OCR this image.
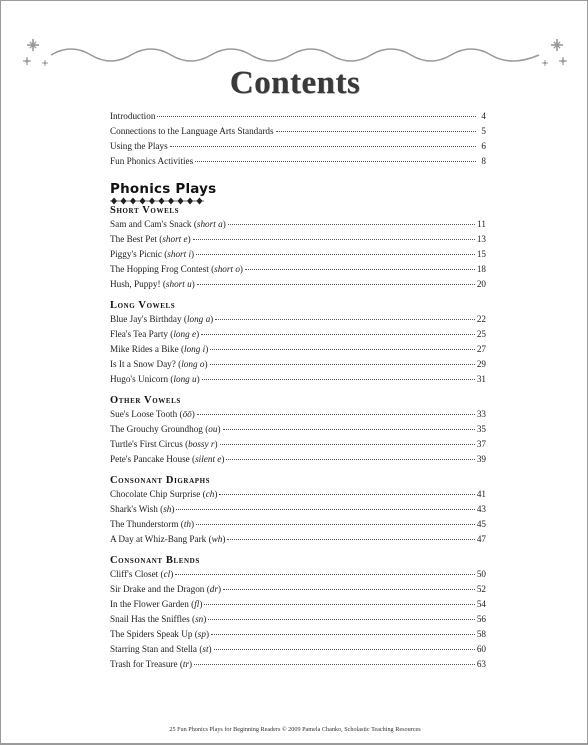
Contents
Introduction	4
Connections to the Language Arts Standards	5
Using the Plays	6
Fun Phonics Activities	8
Phonics Plays
Short Vowels
Sam and Cam's Snack (short a)	11
The Best Pet (short e)	13
Piggy's Picnic (short i)	15
The Hopping Frog Contest (short o)	18
Hush, Puppy! (short u)	20
Long Vowels
Blue Jay's Birthday (long a)	22
Flea's Tea Party (long e)	25
Mike Rides a Bike (long i)	27
Is It a Snow Day? (long o)	29
Hugo's Unicorn (long u)	31
Other Vowels
Sue's Loose Tooth (ōō)	33
The Grouchy Groundhog (ou)	35
Turtle's First Circus (bossy r)	37
Pete's Pancake House (silent e)	39
Consonant Digraphs
Chocolate Chip Surprise (ch)	41
Shark's Wish (sh)	43
The Thunderstorm (th)	45
A Day at Whiz-Bang Park (wh)	47
Consonant Blends
Cliff's Closet (cl)	50
Sir Drake and the Dragon (dr)	52
In the Flower Garden (fl)	54
Snail Has the Sniffles (sn)	56
The Spiders Speak Up (sp)	58
Starring Stan and Stella (st)	60
Trash for Treasure (tr)	63
25 Fun Phonics Plays for Beginning Readers © 2009 Pamela Chanko, Scholastic Teaching Resources
